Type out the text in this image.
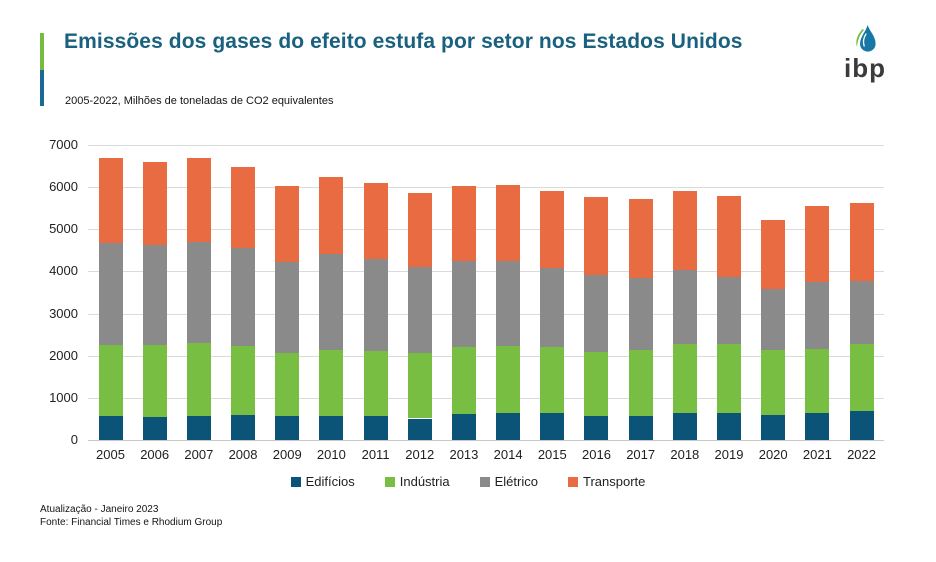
Emissões dos gases do efeito estufa por setor nos Estados Unidos
2005-2022, Milhões de toneladas de CO2 equivalentes
ibp
0
1000
2000
3000
4000
5000
6000
7000
2005	2006	2007	2008	2009	2010	2011	2012	2013	2014	2015	2016	2017	2018	2019	2020	2021	2022
Edifícios	Indústria	Elétrico	Transporte
Atualização - Janeiro 2023
Fonte: Financial Times e Rhodium Group
